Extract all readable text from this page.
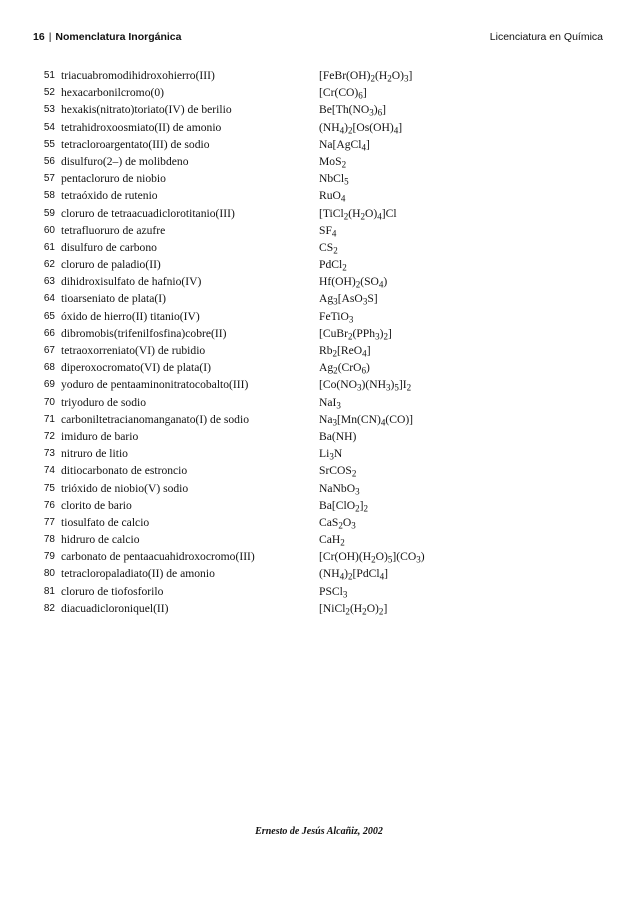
16 | Nomenclatura Inorgánica	Licenciatura en Química
51 triacuabromodihidroxohierro(III)	$[FeBr(OH)_2(H_2O)_3]$
52 hexacarbonilcromo(0)	$[Cr(CO)_6]$
53 hexakis(nitrato)toriato(IV) de berilio	$Be[Th(NO_3)_6]$
54 tetrahidroxoosmiato(II) de amonio	$(NH_4)_2[Os(OH)_4]$
55 tetracloroargentato(III) de sodio	Na[AgCl$_4$]
56 disulfuro(2–) de molibdeno	MoS$_2$
57 pentacloruro de niobio	NbCl$_5$
58 tetraóxido de rutenio	RuO$_4$
59 cloruro de tetraacuadiclorotitanio(III)	$[TiCl_2(H_2O)_4]Cl$
60 tetrafluoruro de azufre	$SF_4$
61 disulfuro de carbono	$CS_2$
62 cloruro de paladio(II)	PdCl$_2$
63 dihidroxisulfato de hafnio(IV)	$Hf(OH)_2(SO_4)$
64 tioarseniato de plata(I)	$Ag_3[AsO_3S]$
65 óxido de hierro(II) titanio(IV)	FeTiO$_3$
66 dibromobis(trifenilfosfina)cobre(II)	$[CuBr_2(PPh_3)_2]$
67 tetraoxorreniato(VI) de rubidio	$Rb_2[ReO_4]$
68 diperoxocromato(VI) de plata(I)	$Ag_2(CrO_6)$
69 yoduro de pentaaminonitratocobalto(III)	$[Co(NO_3)(NH_3)_5]I_2$
70 triyoduro de sodio	NaI$_3$
71 carboniltetracianomanganato(I) de sodio	$Na_3[Mn(CN)_4(CO)]$
72 imiduro de bario	Ba(NH)
73 nitruro de litio	$Li_3N$
74 ditiocarbonato de estroncio	SrCOS$_2$
75 trióxido de niobio(V) sodio	NaNbO$_3$
76 clorito de bario	$Ba[ClO_2]_2$
77 tiosulfato de calcio	$CaS_2O_3$
78 hidruro de calcio	CaH$_2$
79 carbonato de pentaacuahidroxocromo(III)	$[Cr(OH)(H_2O)_5](CO_3)$
80 tetracloropaladiato(II) de amonio	$(NH_4)_2[PdCl_4]$
81 cloruro de tiofosforilo	PSCl$_3$
82 diacuadicloroniquel(II)	$[NiCl_2(H_2O)_2]$
Ernesto de Jesús Alcañiz, 2002
